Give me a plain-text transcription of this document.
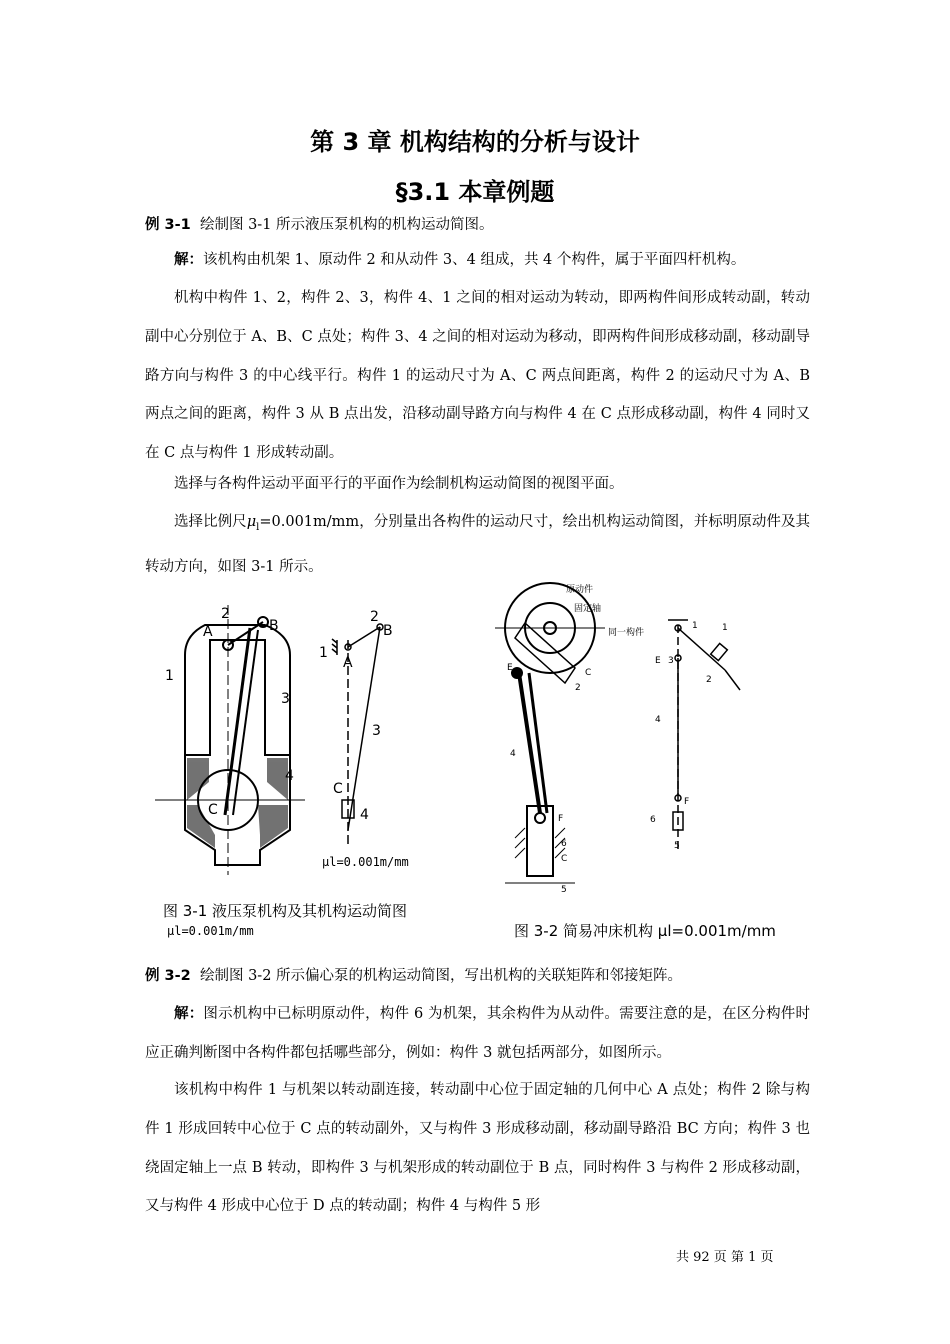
第 3 章 机构结构的分析与设计
§3.1 本章例题

例 3-1 绘制图 3-1 所示液压泵机构的机构运动简图。

解：该机构由机架 1、原动件 2 和从动件 3、4 组成，共 4 个构件，属于平面四杆机构。

机构中构件 1、2，构件 2、3，构件 4、1 之间的相对运动为转动，即两构件间形成转动副，转动副中心分别位于 A、B、C 点处；构件 3、4 之间的相对运动为移动，即两构件间形成移动副，移动副导路方向与构件 3 的中心线平行。构件 1 的运动尺寸为 A、C 两点间距离，构件 2 的运动尺寸为 A、B 两点之间的距离，构件 3 从 B 点出发，沿移动副导路方向与构件 4 在 C 点形成移动副，构件 4 同时又在 C 点与构件 1 形成转动副。

选择与各构件运动平面平行的平面作为绘制机构运动简图的视图平面。

选择比例尺$\mu_l=0.001m/mm$，分别量出各构件的运动尺寸，绘出机构运动简图，并标明原动件及其转动方向，如图 3-1 所示。

A
2
B
1
3
C
4
1
A
2
B
3
C
4
μl=0.001m/mm
E
4
F
6
C
5
2
C
原动件
固定轴
同一构件
1	1
E 3
2
4
F
6
5
图 3-1 液压泵机构及其机构运动简图
μl=0.001m/mm	图 3-2 简易冲床机构 μl=0.001m/mm

例 3-2 绘制图 3-2 所示偏心泵的机构运动简图，写出机构的关联矩阵和邻接矩阵。

解：图示机构中已标明原动件，构件 6 为机架，其余构件为从动件。需要注意的是，在区分构件时应正确判断图中各构件都包括哪些部分，例如：构件 3 就包括两部分，如图所示。

该机构中构件 1 与机架以转动副连接，转动副中心位于固定轴的几何中心 A 点处；构件 2 除与构件 1 形成回转中心位于 C 点的转动副外，又与构件 3 形成移动副，移动副导路沿 BC 方向；构件 3 也绕固定轴上一点 B 转动，即构件 3 与机架形成的转动副位于 B 点，同时构件 3 与构件 2 形成移动副，又与构件 4 形成中心位于 D 点的转动副；构件 4 与构件 5 形

共 92 页 第 1 页
